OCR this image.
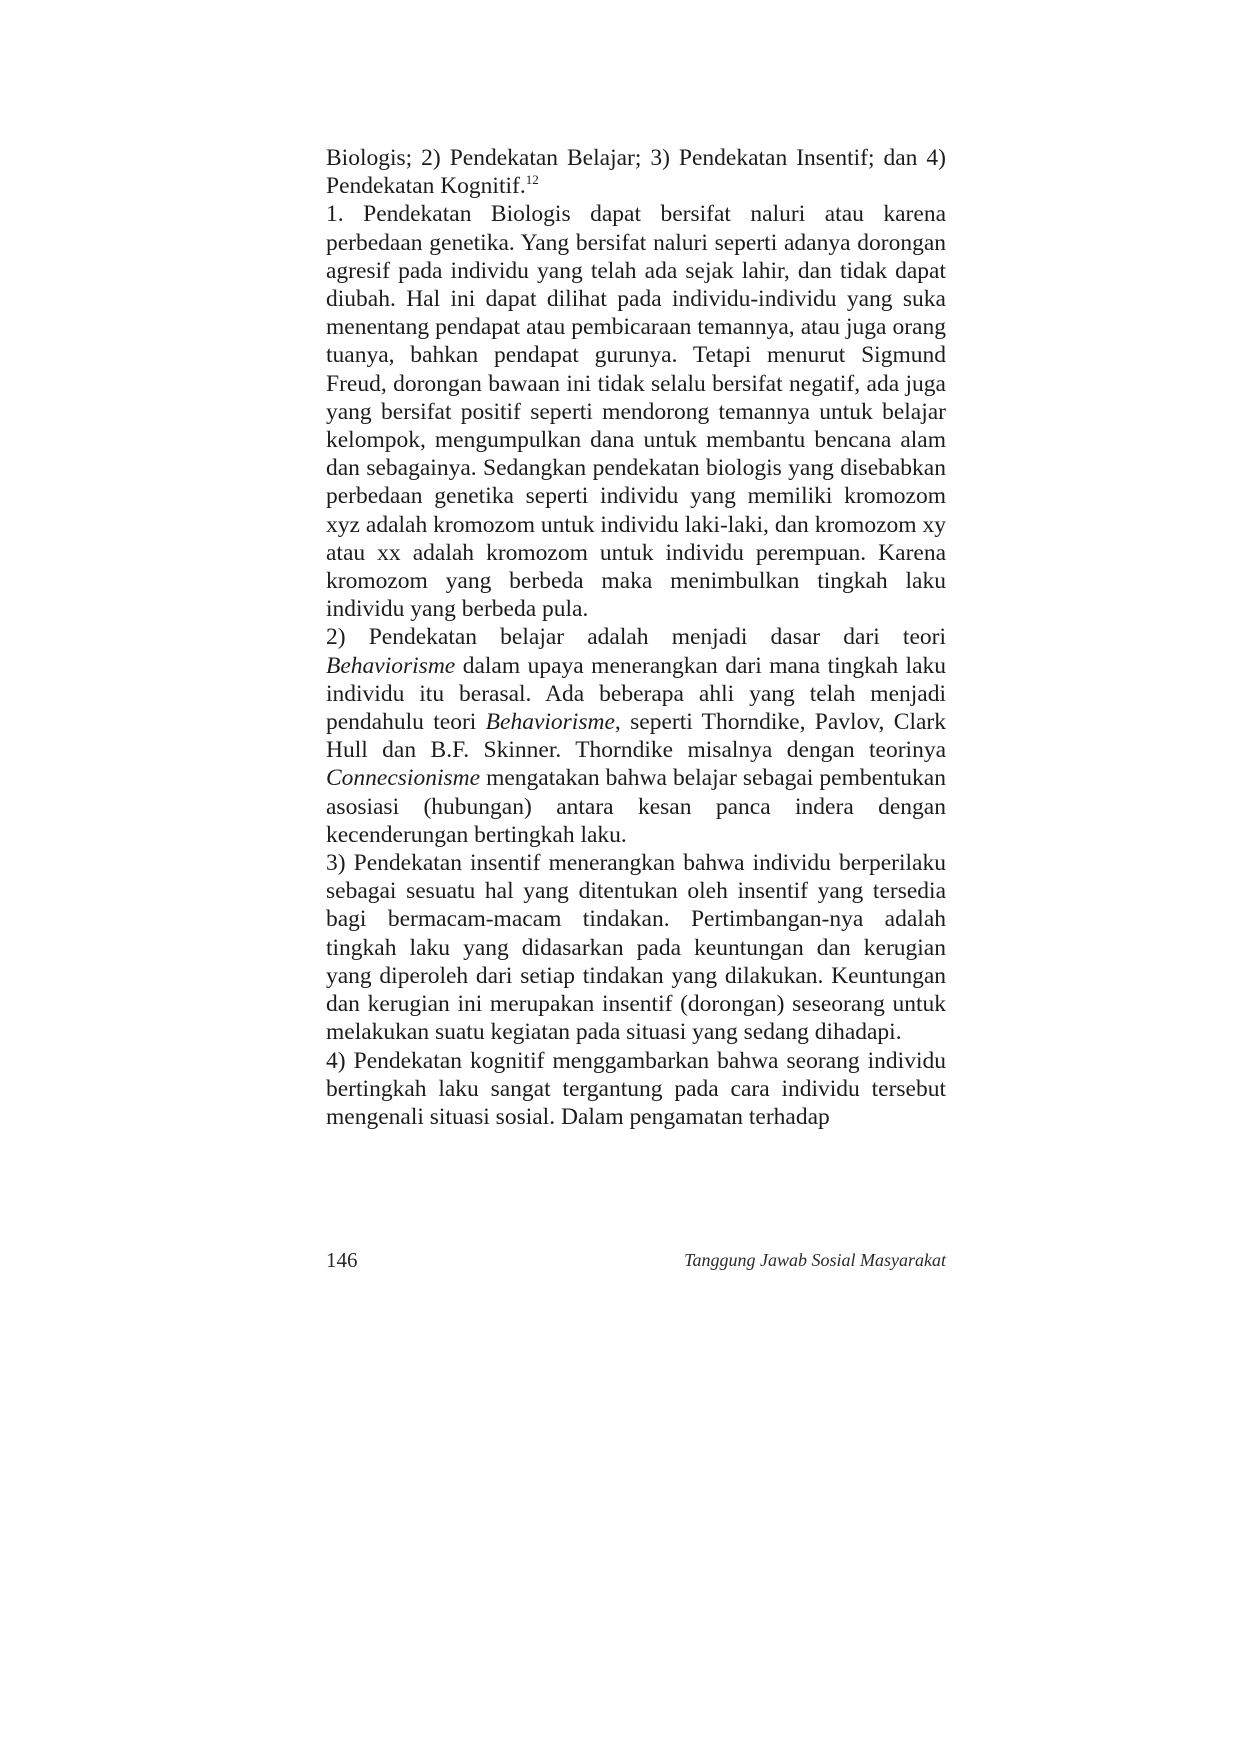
Biologis; 2) Pendekatan Belajar; 3) Pendekatan Insentif; dan 4) Pendekatan Kognitif.$^{12}$

1. Pendekatan Biologis dapat bersifat naluri atau karena perbedaan genetika. Yang bersifat naluri seperti adanya dorongan agresif pada individu yang telah ada sejak lahir, dan tidak dapat diubah. Hal ini dapat dilihat pada individu-individu yang suka menentang pendapat atau pembicaraan temannya, atau juga orang tuanya, bahkan pendapat gurunya. Tetapi menurut Sigmund Freud, dorongan bawaan ini tidak selalu bersifat negatif, ada juga yang bersifat positif seperti mendorong temannya untuk belajar kelompok, mengumpulkan dana untuk membantu bencana alam dan sebagainya. Sedangkan pendekatan biologis yang disebabkan perbedaan genetika seperti individu yang memiliki kromozom xyz adalah kromozom untuk individu laki-laki, dan kromozom xy atau xx adalah kromozom untuk individu perempuan. Karena kromozom yang berbeda maka menimbulkan tingkah laku individu yang berbeda pula.

2) Pendekatan belajar adalah menjadi dasar dari teori Behaviorisme dalam upaya menerangkan dari mana tingkah laku individu itu berasal. Ada beberapa ahli yang telah menjadi pendahulu teori Behaviorisme, seperti Thorndike, Pavlov, Clark Hull dan B.F. Skinner. Thorndike misalnya dengan teorinya Connecsionisme mengatakan bahwa belajar sebagai pembentukan asosiasi (hubungan) antara kesan panca indera dengan kecenderungan bertingkah laku.

3) Pendekatan insentif menerangkan bahwa individu berperilaku sebagai sesuatu hal yang ditentukan oleh insentif yang tersedia bagi bermacam-macam tindakan. Pertimbangan-nya adalah tingkah laku yang didasarkan pada keuntungan dan kerugian yang diperoleh dari setiap tindakan yang dilakukan. Keuntungan dan kerugian ini merupakan insentif (dorongan) seseorang untuk melakukan suatu kegiatan pada situasi yang sedang dihadapi.

4) Pendekatan kognitif menggambarkan bahwa seorang individu bertingkah laku sangat tergantung pada cara individu tersebut mengenali situasi sosial. Dalam pengamatan terhadap

146	Tanggung Jawab Sosial Masyarakat
